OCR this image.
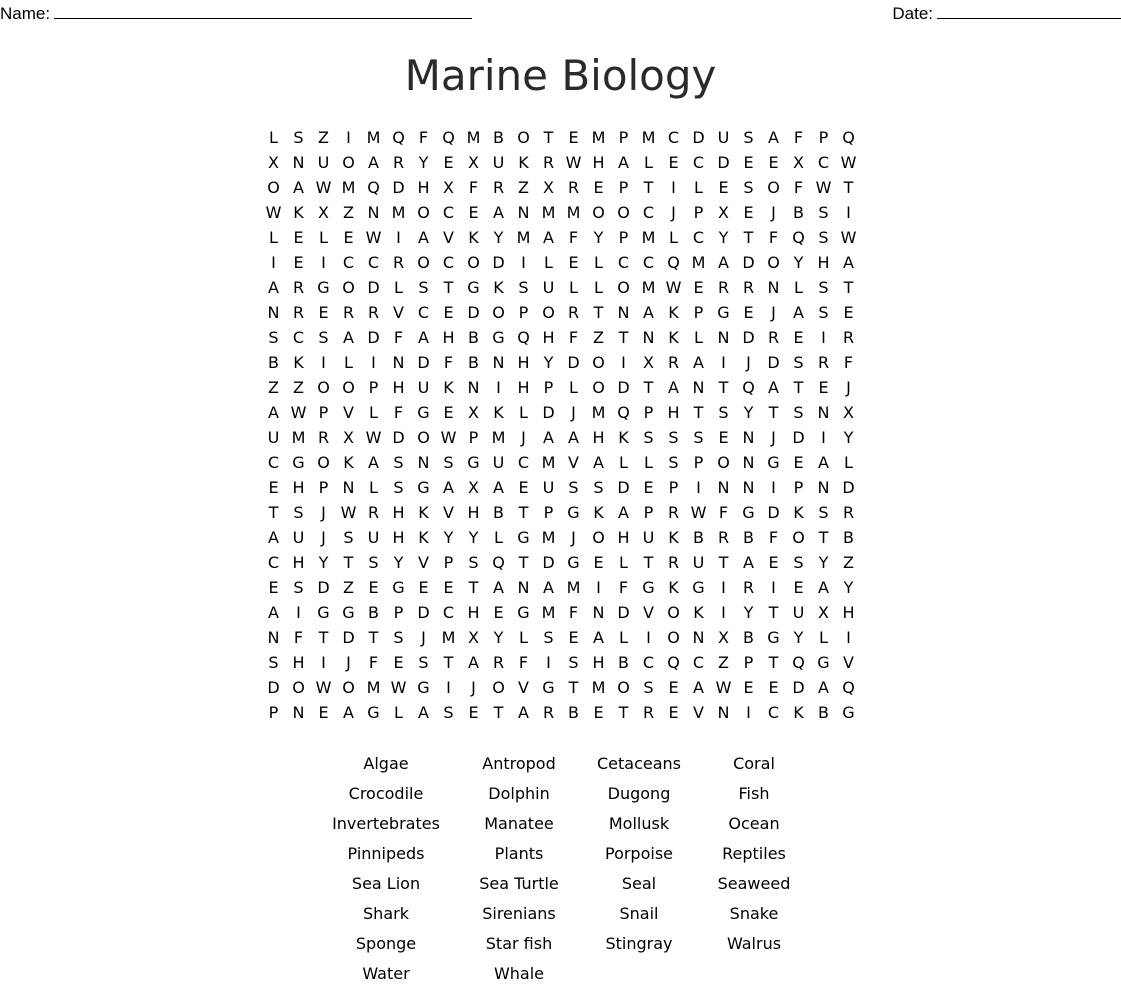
Name:	Date:
Marine Biology
L S Z	I M Q F Q M B O T E M P M C D U S A F P Q
X N U O A R Y E X U K R W H A L E C D E E X C W
O A W M Q D H X F R Z X R E P T	I	L E S O F W T
W K X Z N M O C E A N M M O O C	J	P X E	J	B S	I
L E L E W I	A V K Y M A F Y P M L C Y T F Q S W
I	E	I	C C R O C O D	I	L E L C C Q M A D O Y H A
A R G O D L S T G K S U L	L O M W E R R N L S T
N R E R R V C E D O P O R T N A K P G E	J	A S E
S C S A D F A H B G Q H F Z T N K L N D R E	I	R
B K	I	L	I	N D F B N H Y D O	I	X R A	I	J	D S R F
Z Z O O P H U K N	I	H P L O D T A N T Q A T E	J
A W P V L F G E X K L D	J M Q P H T S Y T S N X
U M R X W D O W P M J	A A H K S S S E N	J	D	I	Y
C G O K A S N S G U C M V A L	L S P O N G E A L
E H P N L S G A X A E U S S D E P	I	N N	I	P N D
T S	J W R H K V H B T P G K A P R W F G D K S R
A U	J	S U H K Y Y L G M J	O H U K B R B F O T B
C H Y T S Y V P S Q T D G E L T R U T A E S Y Z
E S D Z E G E E T A N A M I	F G K G	I	R	I	E A Y
A	I	G G B P D C H E G M F N D V O K	I	Y T U X H
N F T D T S	J M X Y L S E A L	I	O N X B G Y L	I
S H	I	J	F E S T A R F	I	S H B C Q C Z P T Q G V
D O W O M W G	I	J	O V G T M O S E A W E E D A Q
P N E A G L A S E T A R B E T R E V N	I	C K B G
Algae	Antropod	Cetaceans	Coral
Crocodile	Dolphin	Dugong	Fish
Invertebrates	Manatee	Mollusk	Ocean
Pinnipeds	Plants	Porpoise	Reptiles
Sea Lion	Sea Turtle	Seal	Seaweed
Shark	Sirenians	Snail	Snake
Sponge	Star fish	Stingray	Walrus
Water	Whale
